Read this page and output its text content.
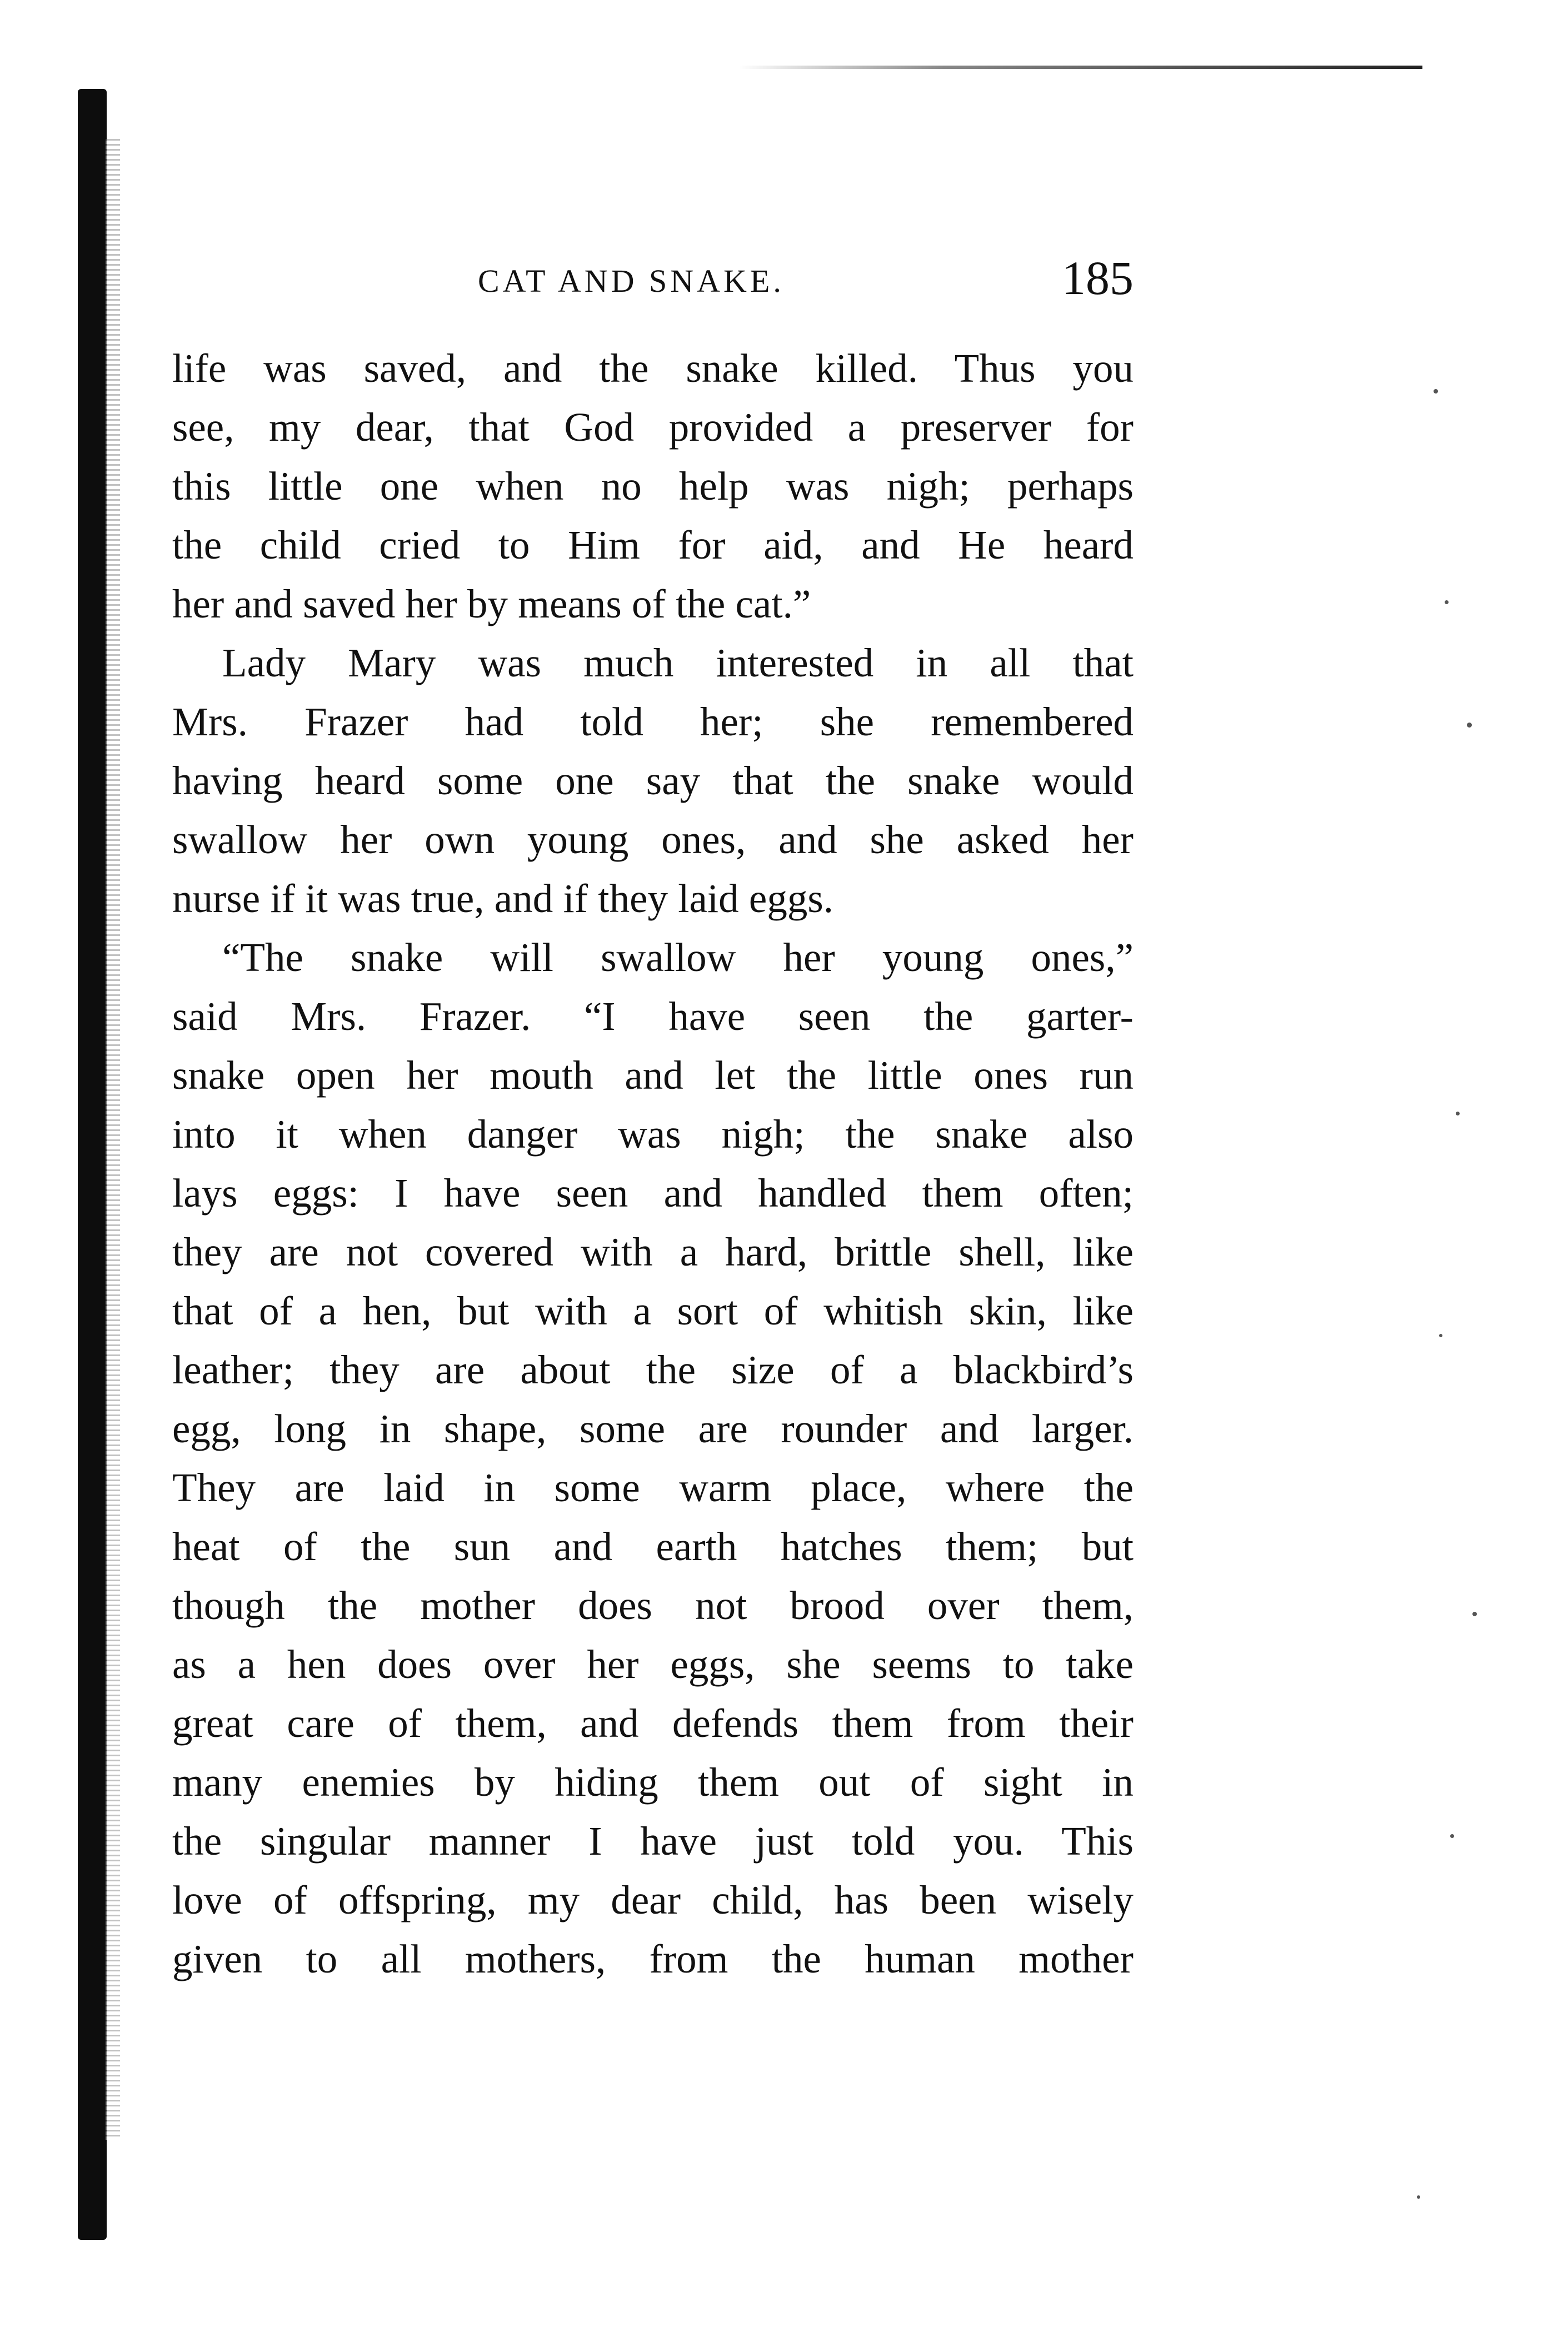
CAT AND SNAKE.	185
life was saved, and the snake killed. Thus you
see, my dear, that God provided a preserver for
this little one when no help was nigh; perhaps
the child cried to Him for aid, and He heard
her and saved her by means of the cat.”
Lady Mary was much interested in all that
Mrs. Frazer had told her; she remembered
having heard some one say that the snake would
swallow her own young ones, and she asked her
nurse if it was true, and if they laid eggs.
“The snake will swallow her young ones,”
said Mrs. Frazer. “I have seen the garter-
snake open her mouth and let the little ones run
into it when danger was nigh; the snake also
lays eggs: I have seen and handled them often;
they are not covered with a hard, brittle shell, like
that of a hen, but with a sort of whitish skin, like
leather; they are about the size of a blackbird’s
egg, long in shape, some are rounder and larger.
They are laid in some warm place, where the
heat of the sun and earth hatches them; but
though the mother does not brood over them,
as a hen does over her eggs, she seems to take
great care of them, and defends them from their
many enemies by hiding them out of sight in
the singular manner I have just told you. This
love of offspring, my dear child, has been wisely
given to all mothers, from the human mother
